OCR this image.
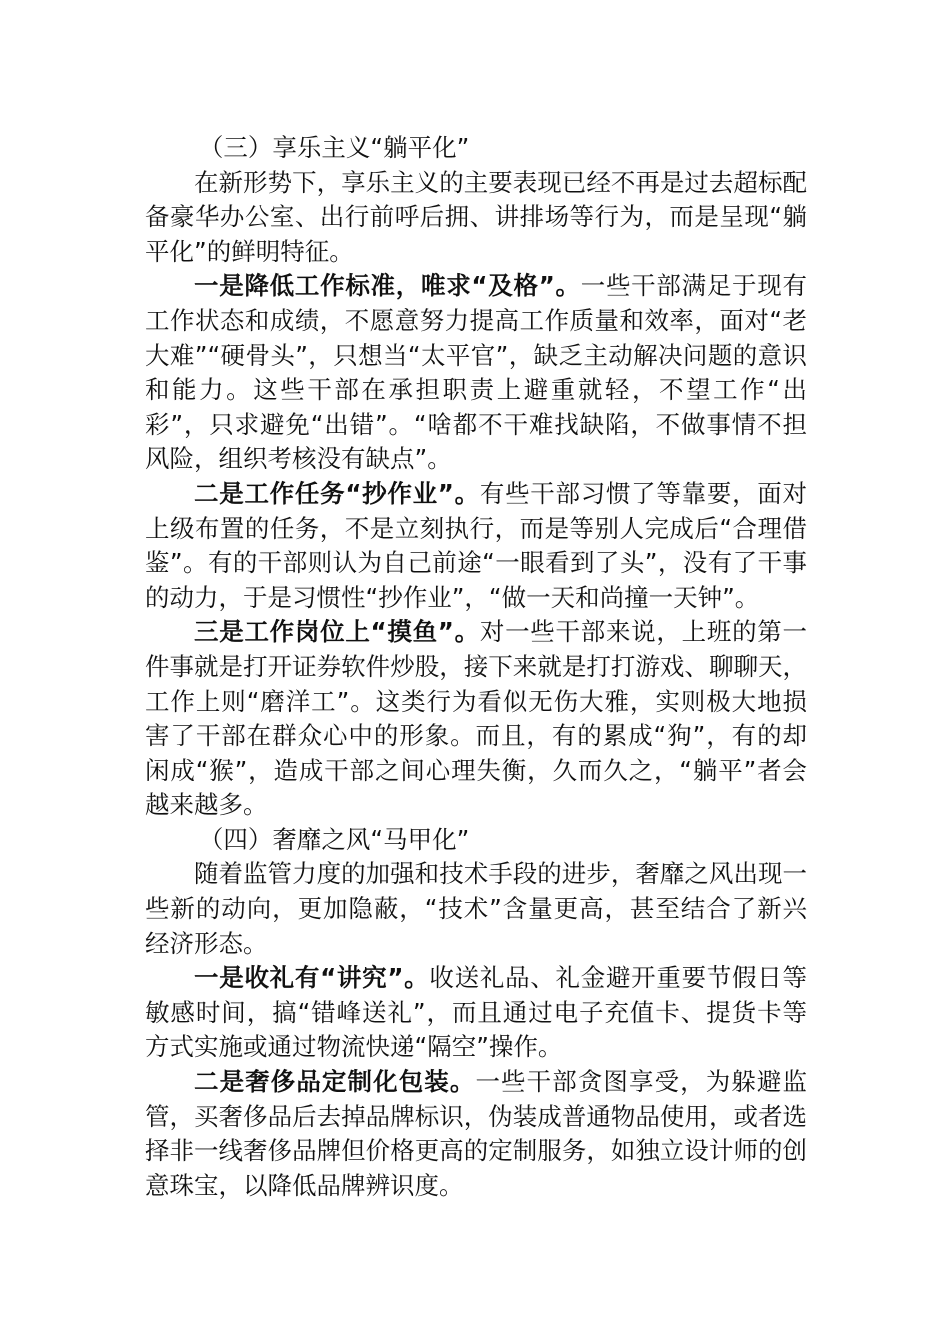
（三）享乐主义“躺平化”

在新形势下，享乐主义的主要表现已经不再是过去超标配备豪华办公室、出行前呼后拥、讲排场等行为，而是呈现“躺平化”的鲜明特征。

一是降低工作标准，唯求“及格”。一些干部满足于现有工作状态和成绩，不愿意努力提高工作质量和效率，面对“老大难”“硬骨头”，只想当“太平官”，缺乏主动解决问题的意识和能力。这些干部在承担职责上避重就轻，不望工作“出彩”，只求避免“出错”。“啥都不干难找缺陷，不做事情不担风险，组织考核没有缺点”。

二是工作任务“抄作业”。有些干部习惯了等靠要，面对上级布置的任务，不是立刻执行，而是等别人完成后“合理借鉴”。有的干部则认为自己前途“一眼看到了头”，没有了干事的动力，于是习惯性“抄作业”，“做一天和尚撞一天钟”。

三是工作岗位上“摸鱼”。对一些干部来说，上班的第一件事就是打开证券软件炒股，接下来就是打打游戏、聊聊天，工作上则“磨洋工”。这类行为看似无伤大雅，实则极大地损害了干部在群众心中的形象。而且，有的累成“狗”，有的却闲成“猴”，造成干部之间心理失衡，久而久之，“躺平”者会越来越多。

（四）奢靡之风“马甲化”

随着监管力度的加强和技术手段的进步，奢靡之风出现一些新的动向，更加隐蔽，“技术”含量更高，甚至结合了新兴经济形态。

一是收礼有“讲究”。收送礼品、礼金避开重要节假日等敏感时间，搞“错峰送礼”，而且通过电子充值卡、提货卡等方式实施或通过物流快递“隔空”操作。

二是奢侈品定制化包装。一些干部贪图享受，为躲避监管，买奢侈品后去掉品牌标识，伪装成普通物品使用，或者选择非一线奢侈品牌但价格更高的定制服务，如独立设计师的创意珠宝，以降低品牌辨识度。
